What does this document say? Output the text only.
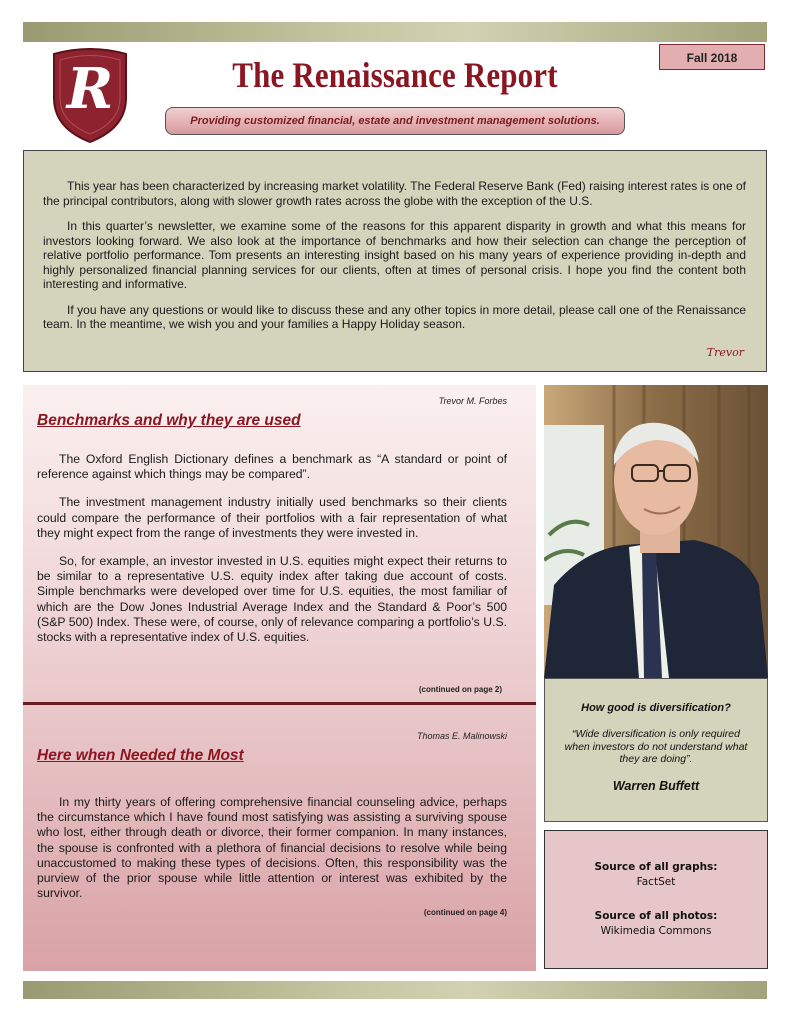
R	The Renaissance Report	Fall 2018
Providing customized financial, estate and investment management solutions.

This year has been characterized by increasing market volatility. The Federal Reserve Bank (Fed) raising interest rates is one of the principal contributors, along with slower growth rates across the globe with the exception of the U.S.

In this quarter’s newsletter, we examine some of the reasons for this apparent disparity in growth and what this means for investors looking forward. We also look at the importance of benchmarks and how their selection can change the perception of relative portfolio performance. Tom presents an interesting insight based on his many years of experience providing in-depth and highly personalized financial planning services for our clients, often at times of personal crisis. I hope you find the content both interesting and informative.

If you have any questions or would like to discuss these and any other topics in more detail, please call one of the Renaissance team. In the meantime, we wish you and your families a Happy Holiday season.

Trevor
Trevor M. Forbes
Benchmarks and why they are used

The Oxford English Dictionary defines a benchmark as “A standard or point of reference against which things may be compared”.

The investment management industry initially used benchmarks so their clients could compare the performance of their portfolios with a fair representation of what they might expect from the range of investments they were invested in.

So, for example, an investor invested in U.S. equities might expect their returns to be similar to a representative U.S. equity index after taking due account of costs. Simple benchmarks were developed over time for U.S. equities, the most familiar of which are the Dow Jones Industrial Average Index and the Standard & Poor’s 500 (S&P 500) Index. These were, of course, only of relevance comparing a portfolio’s U.S. stocks with a representative index of U.S. equities.

(continued on page 2)
Thomas E. Malinowski
Here when Needed the Most

In my thirty years of offering comprehensive financial counseling advice, perhaps the circumstance which I have found most satisfying was assisting a surviving spouse who lost, either through death or divorce, their former companion. In many instances, the spouse is confronted with a plethora of financial decisions to resolve while being unaccustomed to making these types of decisions. Often, this responsibility was the purview of the prior spouse while little attention or interest was exhibited by the survivor.

(continued on page 4)
How good is diversification?
“Wide diversification is only required when investors do not understand what they are doing”.
Warren Buffett
Source of all graphs:
FactSet
Source of all photos:
Wikimedia Commons
